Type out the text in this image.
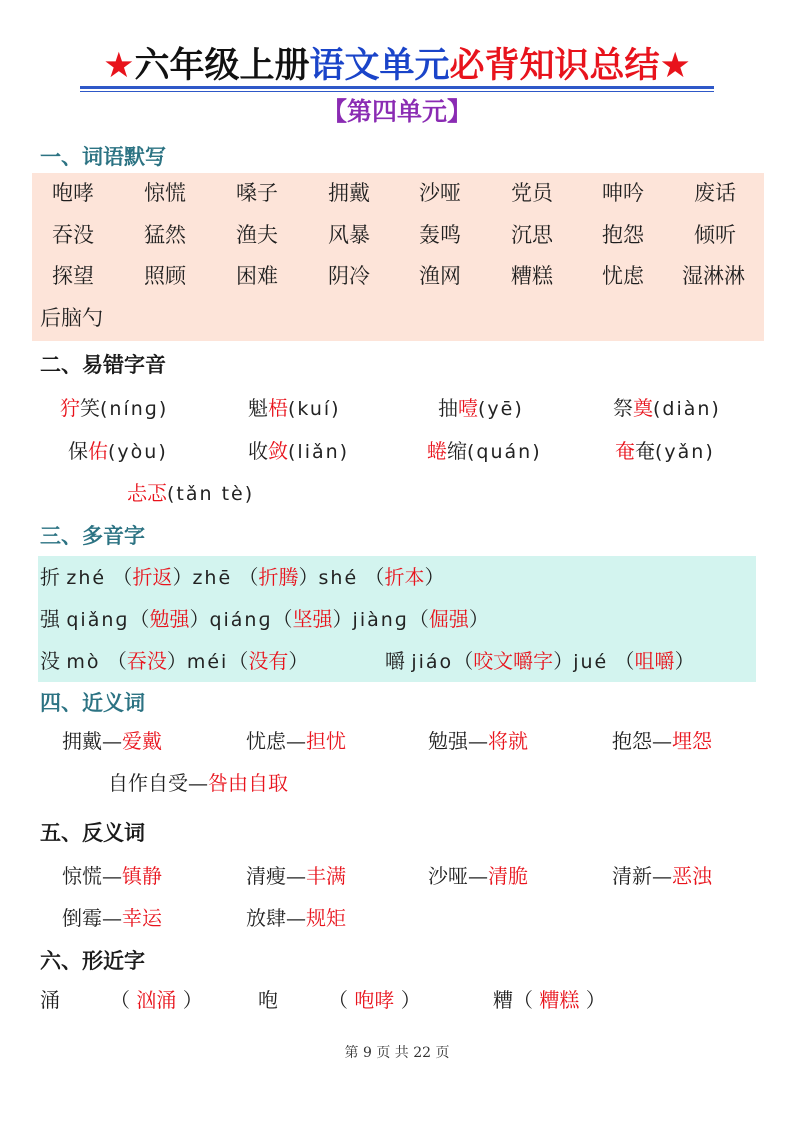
★六年级上册语文单元必背知识总结★
【第四单元】
一、词语默写
咆哮 惊慌 嗓子 拥戴 沙哑 党员 呻吟 废话
吞没 猛然 渔夫 风暴 轰鸣 沉思 抱怨 倾听
探望 照顾 困难 阴冷 渔网 糟糕 忧虑 湿淋淋
后脑勺
二、易错字音
狞笑(nínɡ)	魁梧(kuí)	抽噎(yē)	祭奠(diàn)
保佑(yòu)	收敛(liǎn)	蜷缩(quán)	奄奄(yǎn)
忐忑(tǎn tè)
三、多音字
折 zhé （折返）zhē （折腾）shé （折本）
强 qiǎnɡ（勉强）qiánɡ（坚强）jiànɡ（倔强）
没 mò （吞没）méi（没有）	嚼 jiáo（咬文嚼字）jué （咀嚼）
四、近义词
拥戴—爱戴	忧虑—担忧	勉强—将就	抱怨—埋怨
自作自受—咎由自取
五、反义词
惊慌—镇静	清瘦—丰满	沙哑—清脆	清新—恶浊
倒霉—幸运	放肆—规矩
六、形近字
涌	（ 汹涌 ）	咆	（ 咆哮 ）	糟（ 糟糕 ）
第 9 页 共 22 页
